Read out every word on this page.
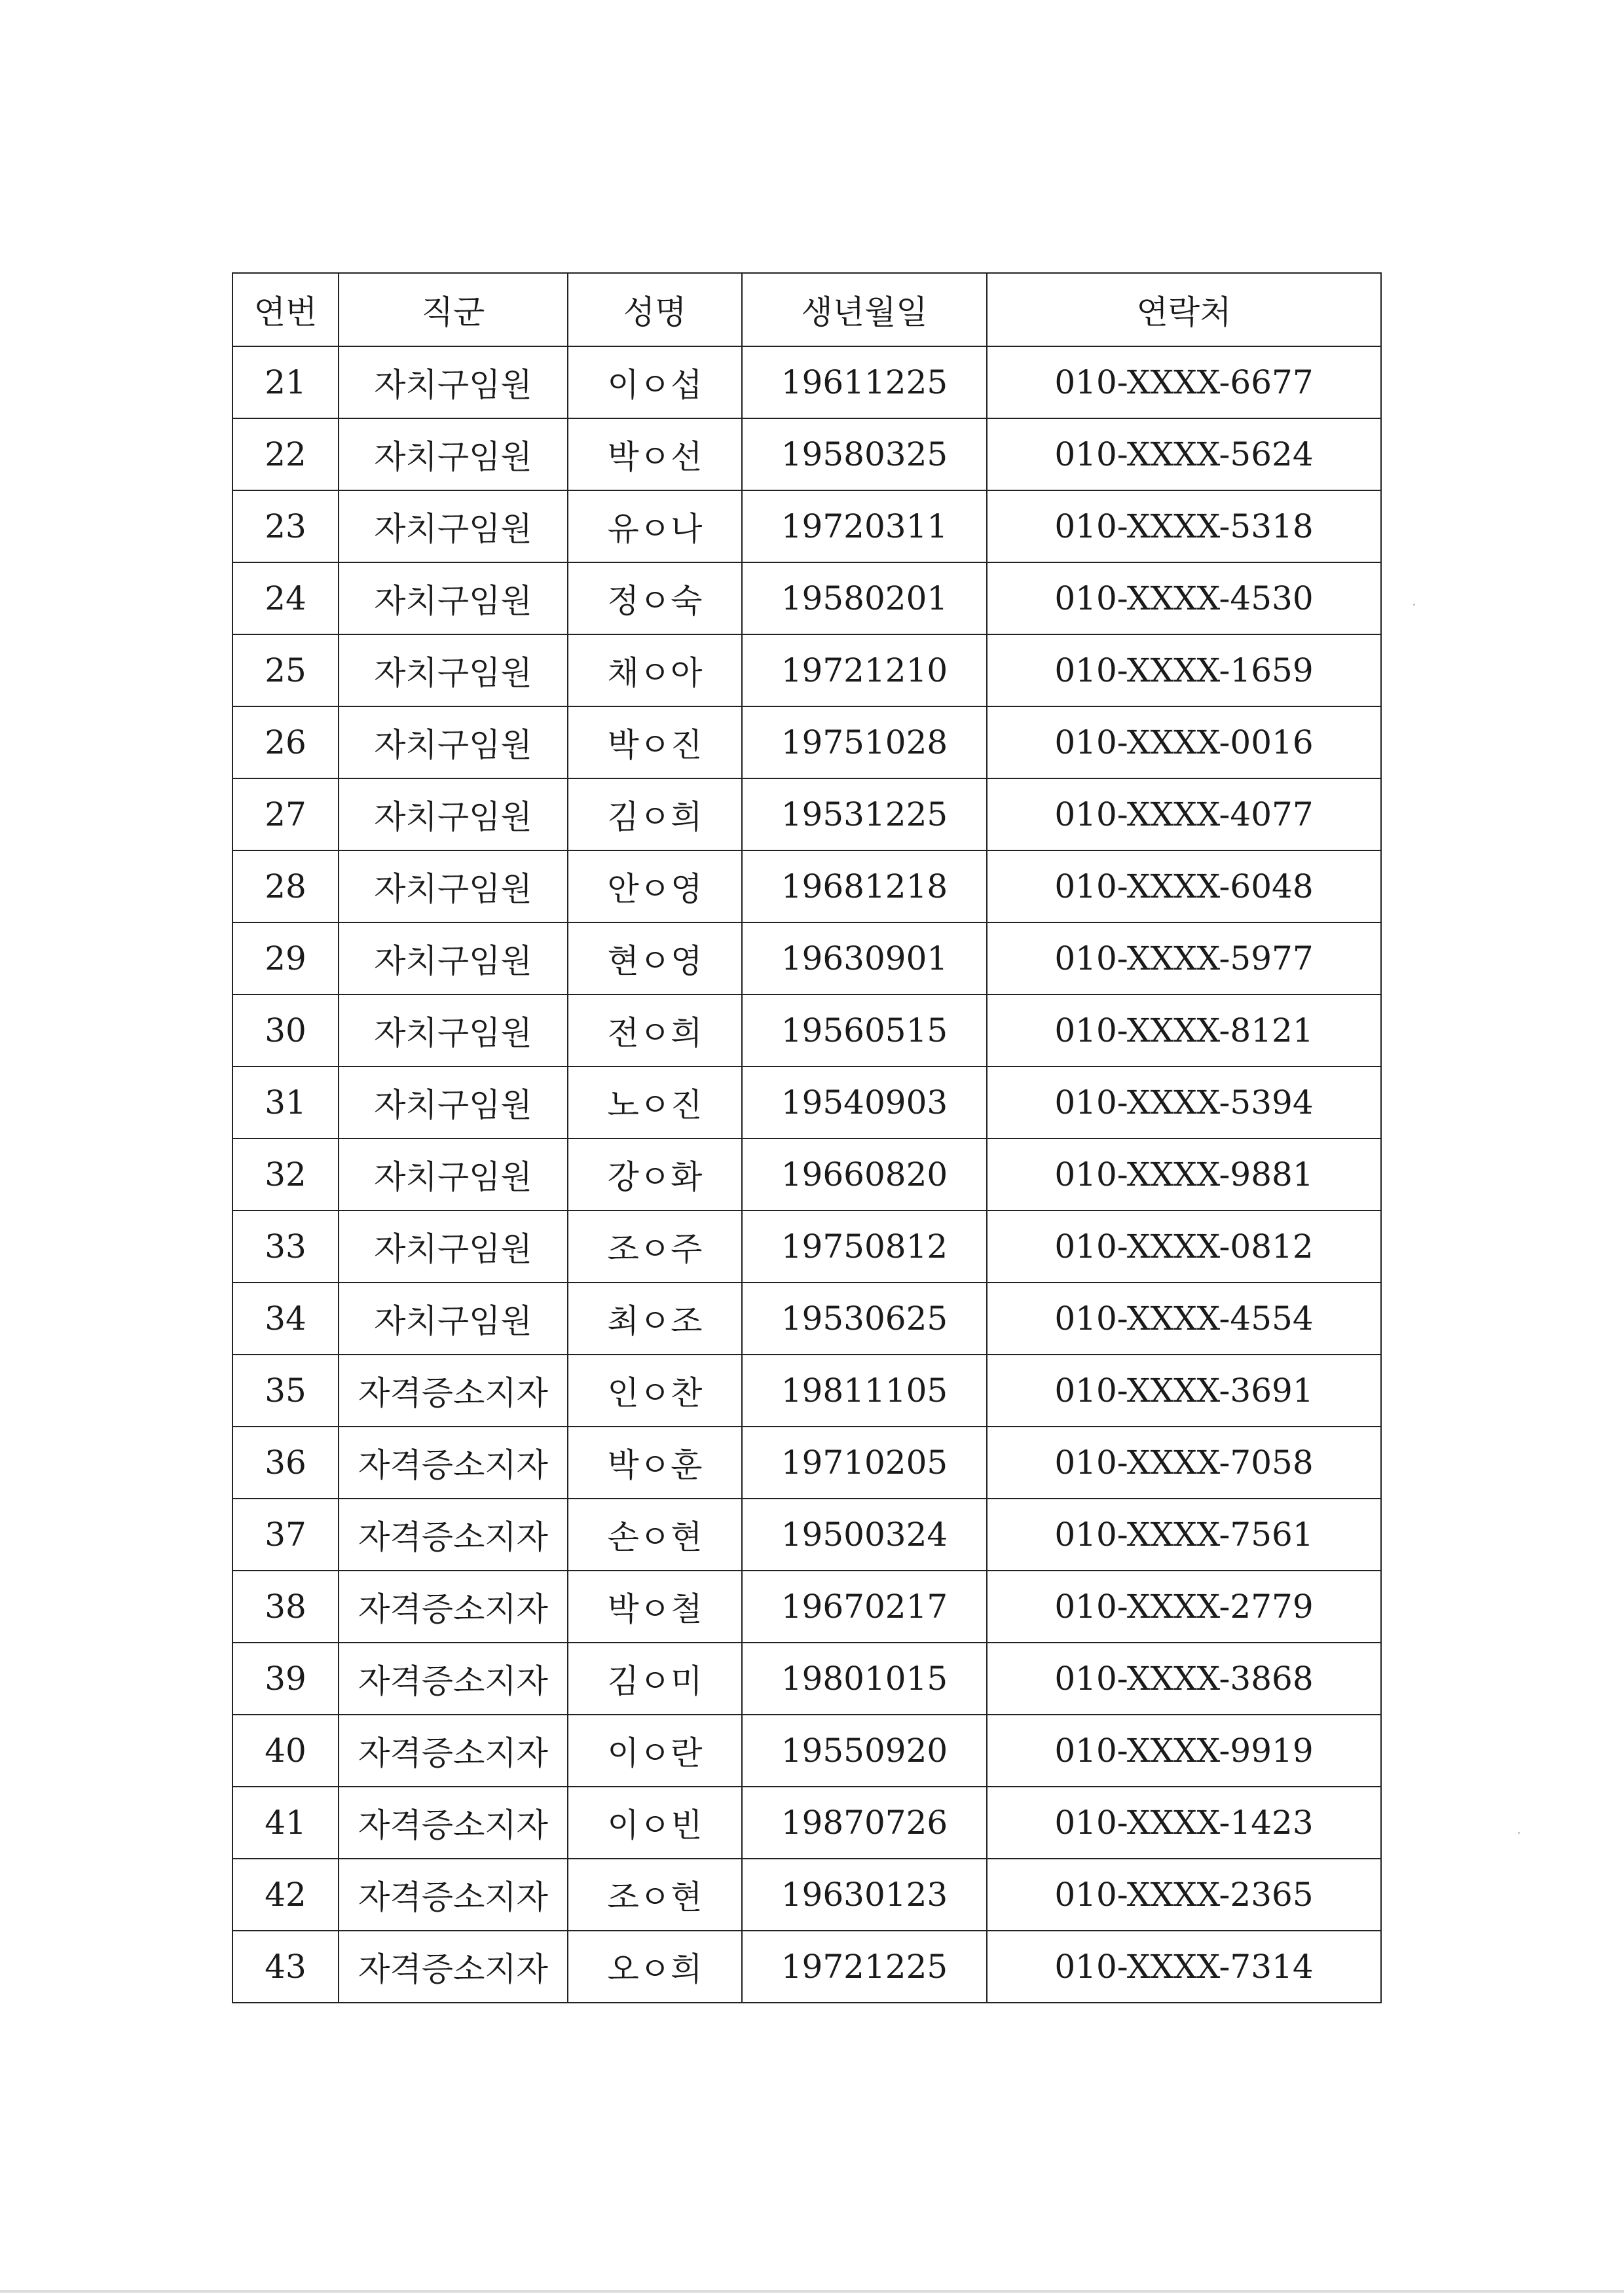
연번	직군	성명	생년월일	연락처
21	자치구임원	이ㅇ섭	19611225	010-XXXX-6677
22	자치구임원	박ㅇ선	19580325	010-XXXX-5624
23	자치구임원	유ㅇ나	19720311	010-XXXX-5318
24	자치구임원	정ㅇ숙	19580201	010-XXXX-4530
25	자치구임원	채ㅇ아	19721210	010-XXXX-1659
26	자치구임원	박ㅇ진	19751028	010-XXXX-0016
27	자치구임원	김ㅇ희	19531225	010-XXXX-4077
28	자치구임원	안ㅇ영	19681218	010-XXXX-6048
29	자치구임원	현ㅇ영	19630901	010-XXXX-5977
30	자치구임원	전ㅇ희	19560515	010-XXXX-8121
31	자치구임원	노ㅇ진	19540903	010-XXXX-5394
32	자치구임원	강ㅇ화	19660820	010-XXXX-9881
33	자치구임원	조ㅇ주	19750812	010-XXXX-0812
34	자치구임원	최ㅇ조	19530625	010-XXXX-4554
35	자격증소지자	인ㅇ찬	19811105	010-XXXX-3691
36	자격증소지자	박ㅇ훈	19710205	010-XXXX-7058
37	자격증소지자	손ㅇ현	19500324	010-XXXX-7561
38	자격증소지자	박ㅇ철	19670217	010-XXXX-2779
39	자격증소지자	김ㅇ미	19801015	010-XXXX-3868
40	자격증소지자	이ㅇ란	19550920	010-XXXX-9919
41	자격증소지자	이ㅇ빈	19870726	010-XXXX-1423
42	자격증소지자	조ㅇ현	19630123	010-XXXX-2365
43	자격증소지자	오ㅇ희	19721225	010-XXXX-7314
